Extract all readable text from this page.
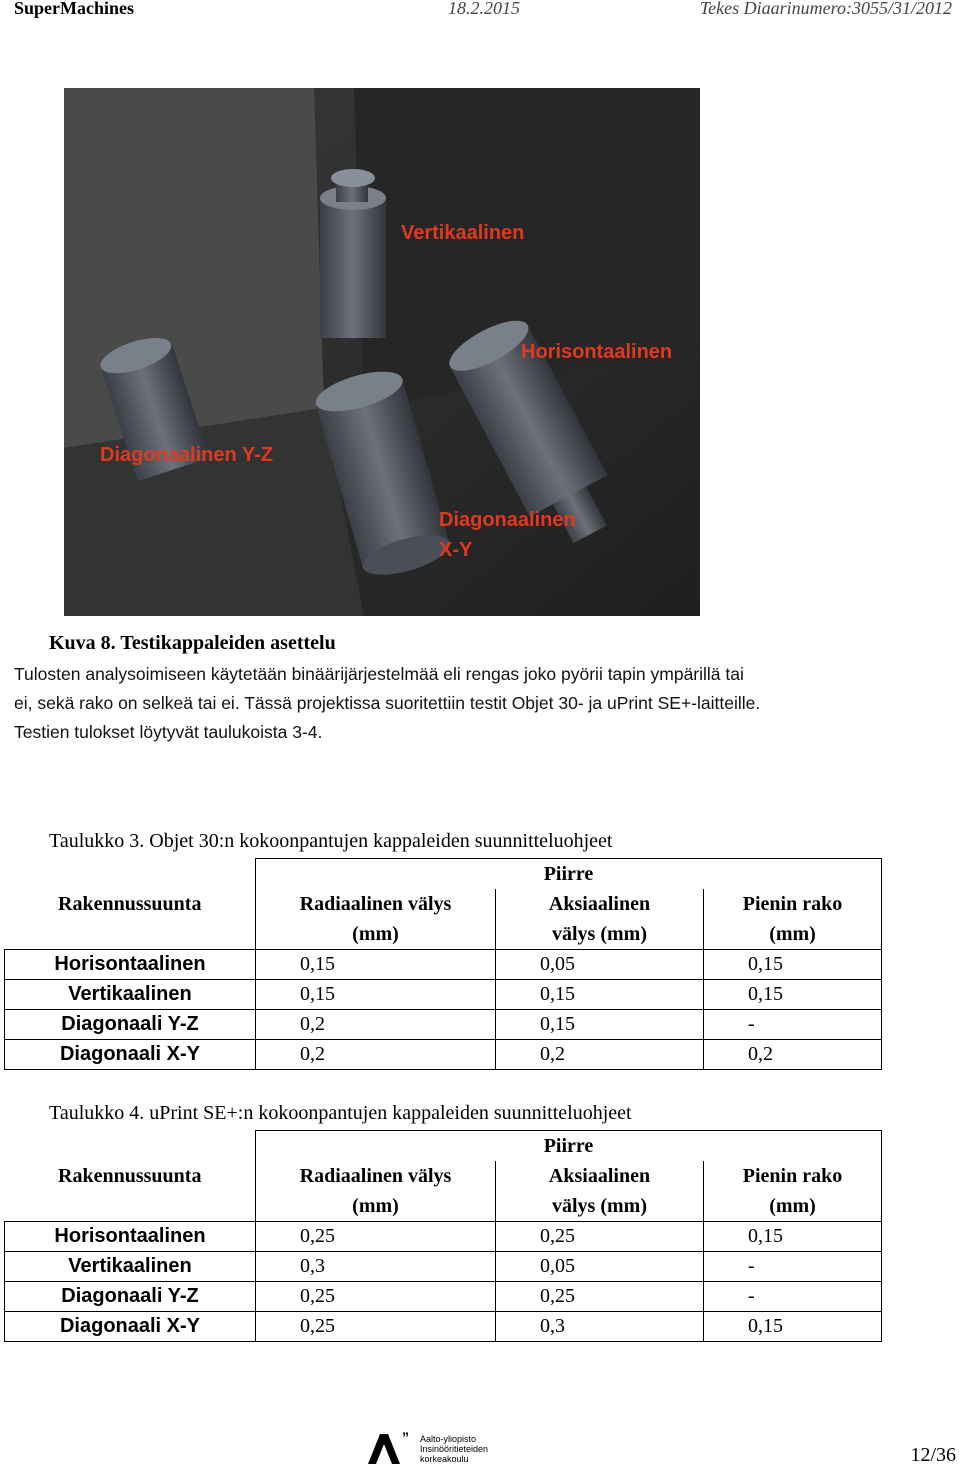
SuperMachines	18.2.2015	Tekes Diaarinumero:3055/31/2012
Vertikaalinen
Horisontaalinen
Diagonaalinen Y-Z
Diagonaalinen
X-Y
Kuva 8. Testikappaleiden asettelu
Tulosten analysoimiseen käytetään binäärijärjestelmää eli rengas joko pyörii tapin ympärillä tai
ei, sekä rako on selkeä tai ei. Tässä projektissa suoritettiin testit Objet 30- ja uPrint SE+-laitteille.
Testien tulokset löytyvät taulukoista 3-4.
Taulukko 3. Objet 30:n kokoonpantujen kappaleiden suunnitteluohjeet
	Piirre		
Rakennussuunta	Radiaalinen välys	Aksiaalinen	Pienin rako
	(mm)	välys (mm)	(mm)
Horisontaalinen	0,15	0,05	0,15
Vertikaalinen	0,15	0,15	0,15
Diagonaali Y-Z	0,2	0,15	-
Diagonaali X-Y	0,2	0,2	0,2
Taulukko 4. uPrint SE+:n kokoonpantujen kappaleiden suunnitteluohjeet
	Piirre		
Rakennussuunta	Radiaalinen välys	Aksiaalinen	Pienin rako
	(mm)	välys (mm)	(mm)
Horisontaalinen	0,25	0,25	0,15
Vertikaalinen	0,3	0,05	-
Diagonaali Y-Z	0,25	0,25	-
Diagonaali X-Y	0,25	0,3	0,15
” Aalto-yliopisto
Insinööritieteiden
korkeakoulu	12/36
